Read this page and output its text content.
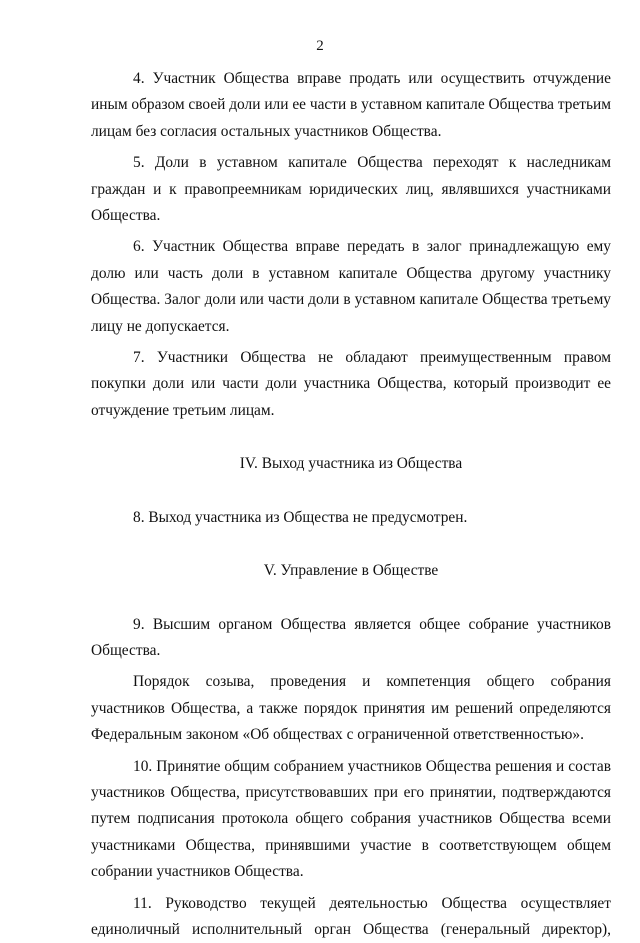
2

4. Участник Общества вправе продать или осуществить отчуждение иным образом своей доли или ее части в уставном капитале Общества третьим лицам без согласия остальных участников Общества.

5. Доли в уставном капитале Общества переходят к наследникам граждан и к правопреемникам юридических лиц, являвшихся участниками Общества.

6. Участник Общества вправе передать в залог принадлежащую ему долю или часть доли в уставном капитале Общества другому участнику Общества. Залог доли или части доли в уставном капитале Общества третьему лицу не допускается.

7. Участники Общества не обладают преимущественным правом покупки доли или части доли участника Общества, который производит ее отчуждение третьим лицам.

IV. Выход участника из Общества

8. Выход участника из Общества не предусмотрен.

V. Управление в Обществе

9. Высшим органом Общества является общее собрание участников Общества.

Порядок созыва, проведения и компетенция общего собрания участников Общества, а также порядок принятия им решений определяются Федеральным законом «Об обществах с ограниченной ответственностью».

10. Принятие общим собранием участников Общества решения и состав участников Общества, присутствовавших при его принятии, подтверждаются путем подписания протокола общего собрания участников Общества всеми участниками Общества, принявшими участие в соответствующем общем собрании участников Общества.

11. Руководство текущей деятельностью Общества осуществляет единоличный исполнительный орган Общества (генеральный директор),
